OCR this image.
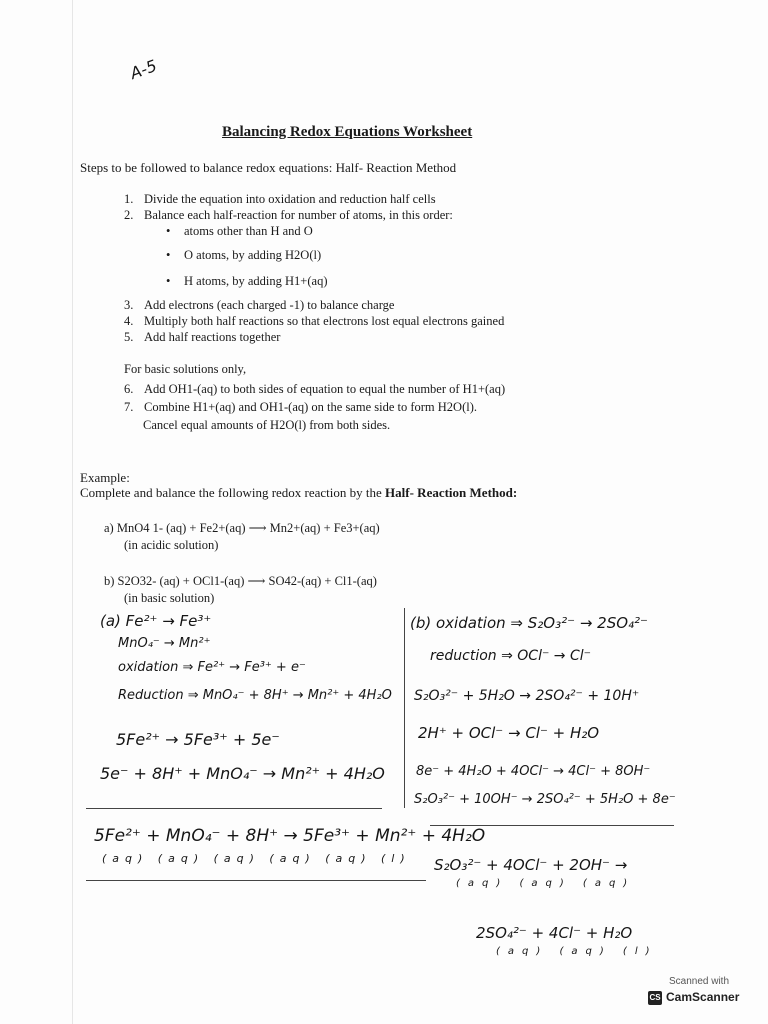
A-5
Balancing Redox Equations Worksheet
Steps to be followed to balance redox equations: Half- Reaction Method
1. Divide the equation into oxidation and reduction half cells
2. Balance each half-reaction for number of atoms, in this order:
• atoms other than H and O
• O atoms, by adding H2O(l)
• H atoms, by adding H1+(aq)
3. Add electrons (each charged -1) to balance charge
4. Multiply both half reactions so that electrons lost equal electrons gained
5. Add half reactions together
For basic solutions only,
6. Add OH1-(aq) to both sides of equation to equal the number of H1+(aq)
7. Combine H1+(aq) and OH1-(aq) on the same side to form H2O(l).
Cancel equal amounts of H2O(l) from both sides.
Example:
Complete and balance the following redox reaction by the Half- Reaction Method:
a) MnO4 1- (aq) + Fe2+(aq) ⟶ Mn2+(aq) + Fe3+(aq)
(in acidic solution)
b) S2O32- (aq) + OCl1-(aq) ⟶ SO42-(aq) + Cl1-(aq)
(in basic solution)
(a) Fe²⁺ → Fe³⁺
MnO₄⁻ → Mn²⁺
oxidation ⇒ Fe²⁺ → Fe³⁺ + e⁻
Reduction ⇒ MnO₄⁻ + 8H⁺ → Mn²⁺ + 4H₂O
5Fe²⁺ → 5Fe³⁺ + 5e⁻
5e⁻ + 8H⁺ + MnO₄⁻ → Mn²⁺ + 4H₂O
(b) oxidation ⇒ S₂O₃²⁻ → 2SO₄²⁻
reduction ⇒ OCl⁻ → Cl⁻
S₂O₃²⁻ + 5H₂O → 2SO₄²⁻ + 10H⁺
2H⁺ + OCl⁻ → Cl⁻ + H₂O
8e⁻ + 4H₂O + 4OCl⁻ → 4Cl⁻ + 8OH⁻
S₂O₃²⁻ + 10OH⁻ → 2SO₄²⁻ + 5H₂O + 8e⁻
5Fe²⁺ + MnO₄⁻ + 8H⁺ → 5Fe³⁺ + Mn²⁺ + 4H₂O
(aq) (aq) (aq) (aq) (aq) (l) S₂O₃²⁻ + 4OCl⁻ + 2OH⁻ →
(aq) (aq) (aq)
2SO₄²⁻ + 4Cl⁻ + H₂O
(aq) (aq) (l)
Scanned with
CS CamScanner
